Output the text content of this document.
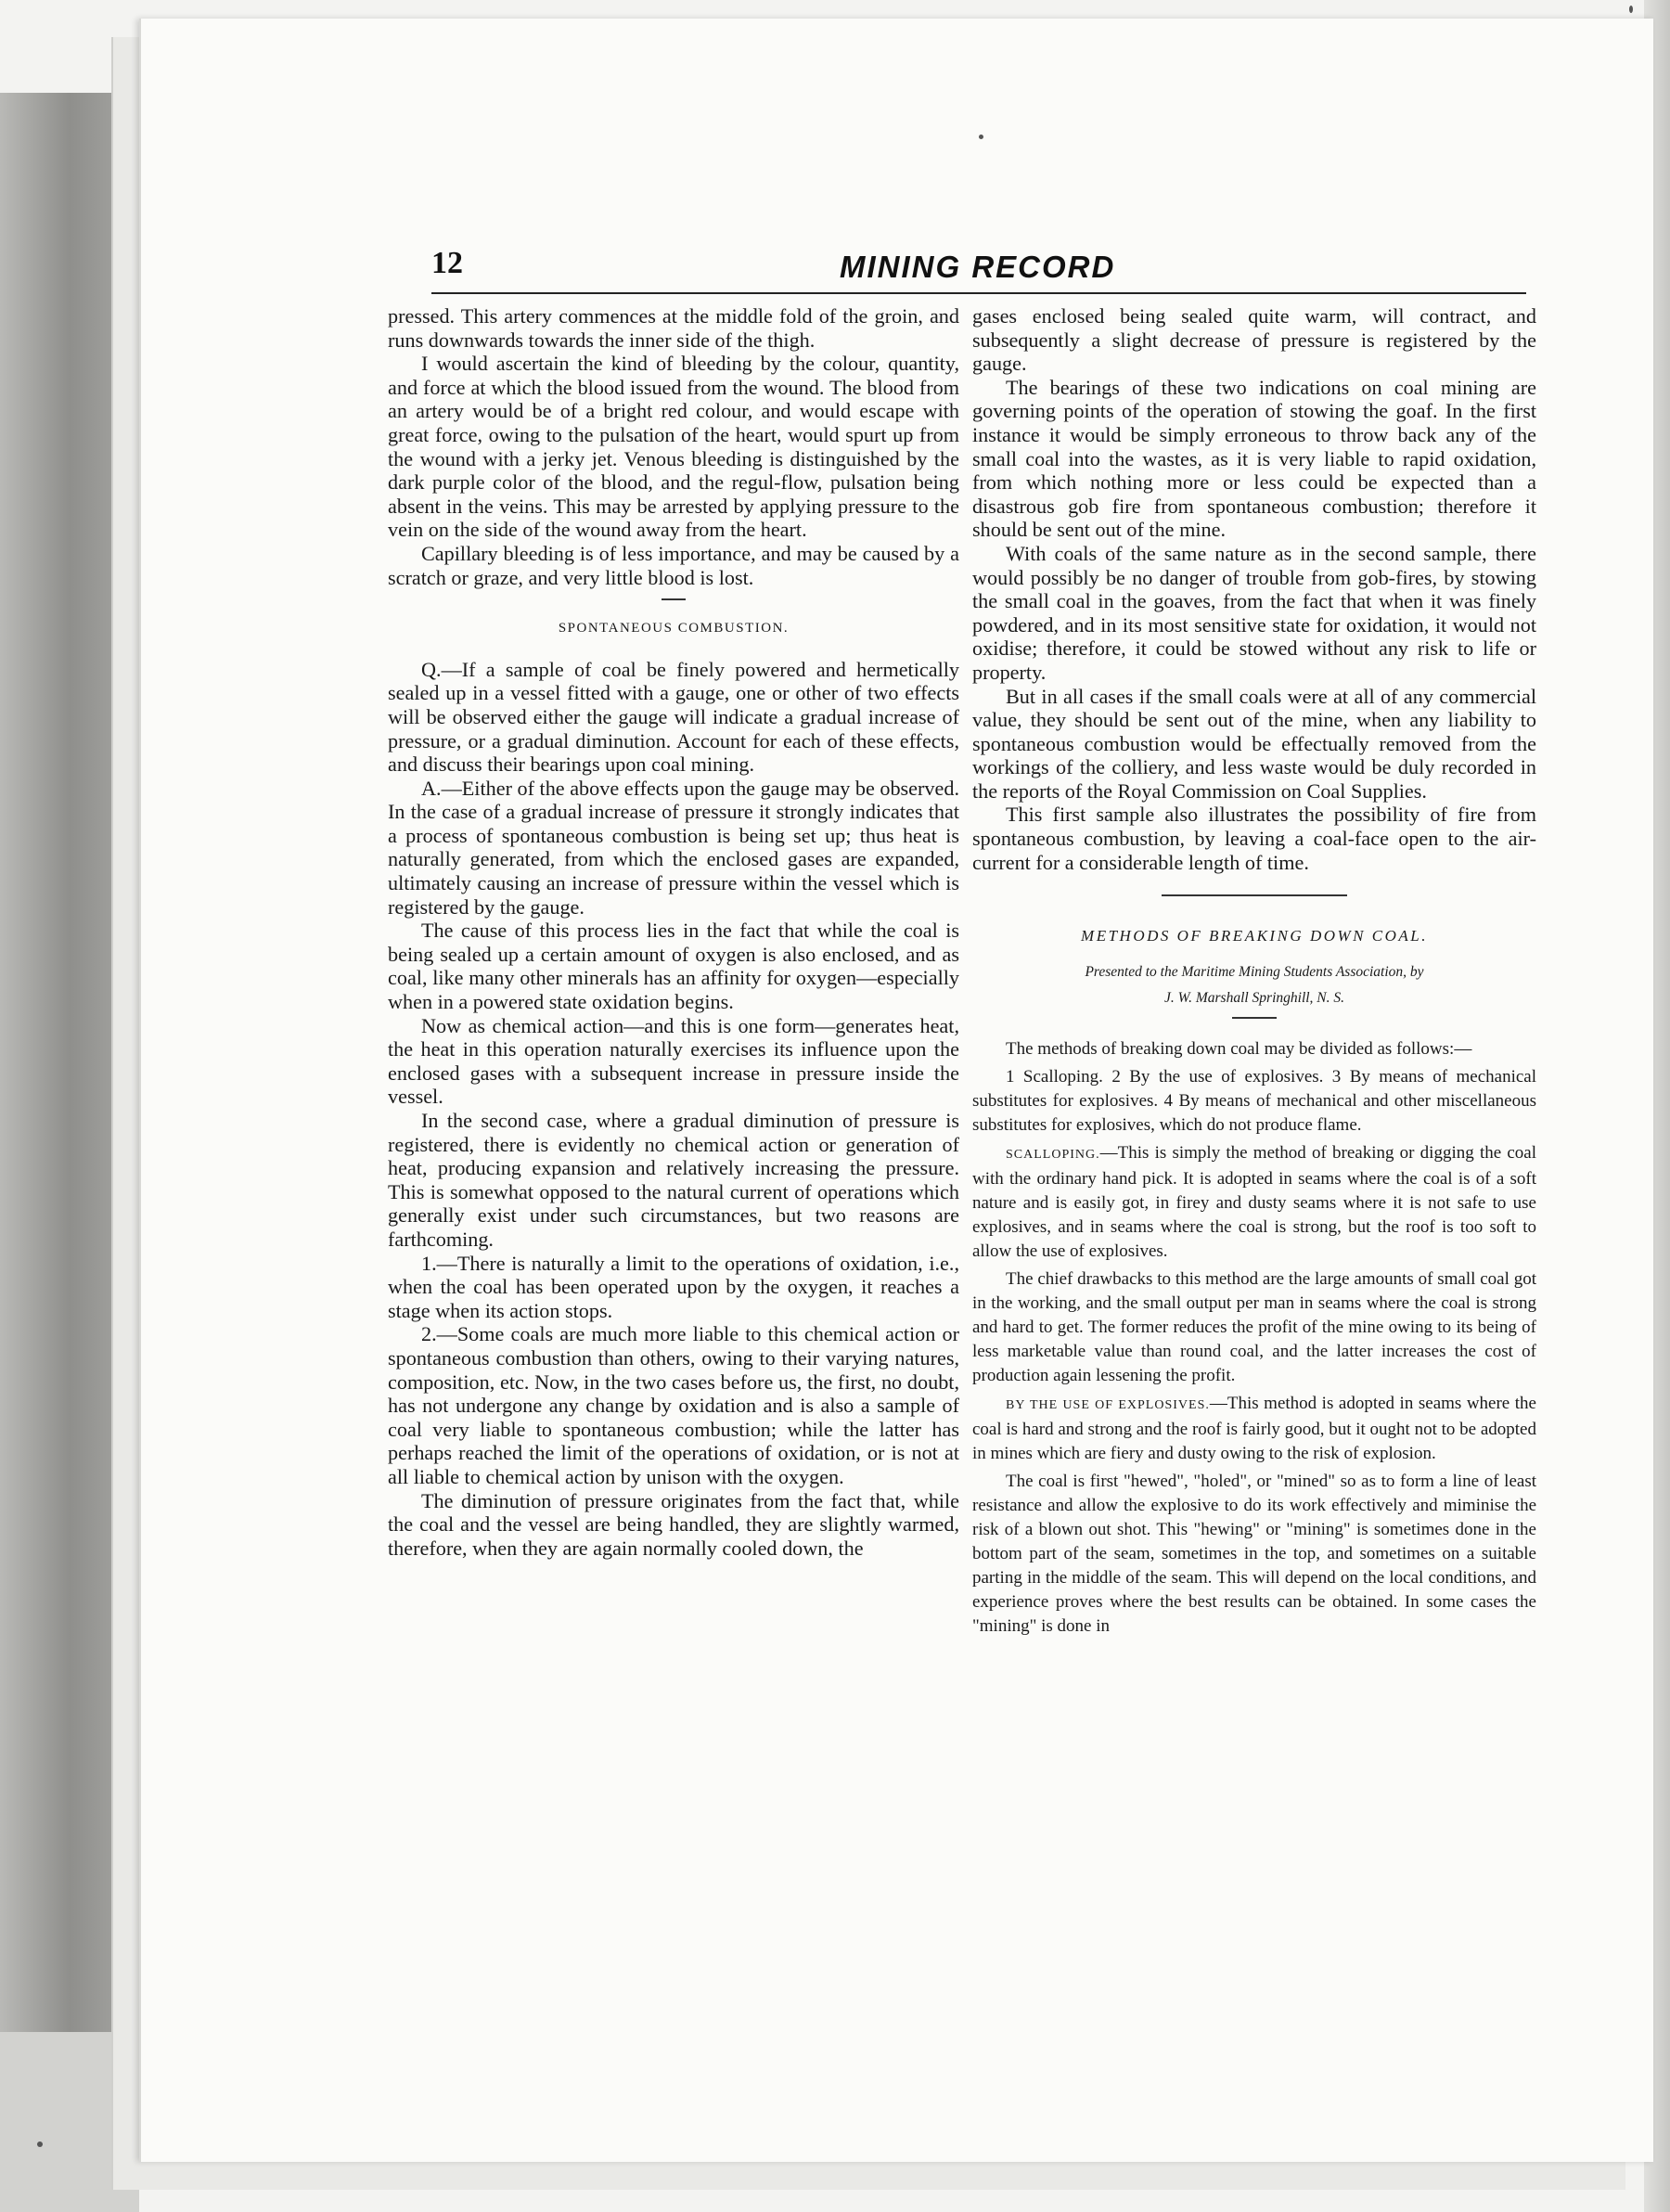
12	MINING RECORD

pressed. This artery commences at the middle fold of the groin, and runs downwards towards the inner side of the thigh.

I would ascertain the kind of bleeding by the colour, quantity, and force at which the blood issued from the wound. The blood from an artery would be of a bright red colour, and would escape with great force, owing to the pulsation of the heart, would spurt up from the wound with a jerky jet. Venous bleeding is distinguished by the dark purple color of the blood, and the regul-flow, pulsation being absent in the veins. This may be arrested by applying pressure to the vein on the side of the wound away from the heart.

Capillary bleeding is of less importance, and may be caused by a scratch or graze, and very little blood is lost.

SPONTANEOUS COMBUSTION.

Q.—If a sample of coal be finely powered and hermetically sealed up in a vessel fitted with a gauge, one or other of two effects will be observed either the gauge will indicate a gradual increase of pressure, or a gradual diminution. Account for each of these effects, and discuss their bearings upon coal mining.

A.—Either of the above effects upon the gauge may be observed. In the case of a gradual increase of pressure it strongly indicates that a process of spontaneous combustion is being set up; thus heat is naturally generated, from which the enclosed gases are expanded, ultimately causing an increase of pressure within the vessel which is registered by the gauge.

The cause of this process lies in the fact that while the coal is being sealed up a certain amount of oxygen is also enclosed, and as coal, like many other minerals has an affinity for oxygen—especially when in a powered state oxidation begins.

Now as chemical action—and this is one form—generates heat, the heat in this operation naturally exercises its influence upon the enclosed gases with a subsequent increase in pressure inside the vessel.

In the second case, where a gradual diminution of pressure is registered, there is evidently no chemical action or generation of heat, producing expansion and relatively increasing the pressure. This is somewhat opposed to the natural current of operations which generally exist under such circumstances, but two reasons are farthcoming.

1.—There is naturally a limit to the operations of oxidation, i.e., when the coal has been operated upon by the oxygen, it reaches a stage when its action stops.

2.—Some coals are much more liable to this chemical action or spontaneous combustion than others, owing to their varying natures, composition, etc. Now, in the two cases before us, the first, no doubt, has not undergone any change by oxidation and is also a sample of coal very liable to spontaneous combustion; while the latter has perhaps reached the limit of the operations of oxidation, or is not at all liable to chemical action by unison with the oxygen.

The diminution of pressure originates from the fact that, while the coal and the vessel are being handled, they are slightly warmed, therefore, when they are again normally cooled down, the

gases enclosed being sealed quite warm, will contract, and subsequently a slight decrease of pressure is registered by the gauge.

The bearings of these two indications on coal mining are governing points of the operation of stowing the goaf. In the first instance it would be simply erroneous to throw back any of the small coal into the wastes, as it is very liable to rapid oxidation, from which nothing more or less could be expected than a disastrous gob fire from spontaneous combustion; therefore it should be sent out of the mine.

With coals of the same nature as in the second sample, there would possibly be no danger of trouble from gob-fires, by stowing the small coal in the goaves, from the fact that when it was finely powdered, and in its most sensitive state for oxidation, it would not oxidise; therefore, it could be stowed without any risk to life or property.

But in all cases if the small coals were at all of any commercial value, they should be sent out of the mine, when any liability to spontaneous combustion would be effectually removed from the workings of the colliery, and less waste would be duly recorded in the reports of the Royal Commission on Coal Supplies.

This first sample also illustrates the possibility of fire from spontaneous combustion, by leaving a coal-face open to the air-current for a considerable length of time.

METHODS OF BREAKING DOWN COAL.
Presented to the Maritime Mining Students Association, by
J. W. Marshall Springhill, N. S.

The methods of breaking down coal may be divided as follows:—

1 Scalloping. 2 By the use of explosives. 3 By means of mechanical substitutes for explosives. 4 By means of mechanical and other miscellaneous substitutes for explosives, which do not produce flame.

SCALLOPING.—This is simply the method of breaking or digging the coal with the ordinary hand pick. It is adopted in seams where the coal is of a soft nature and is easily got, in firey and dusty seams where it is not safe to use explosives, and in seams where the coal is strong, but the roof is too soft to allow the use of explosives.

The chief drawbacks to this method are the large amounts of small coal got in the working, and the small output per man in seams where the coal is strong and hard to get. The former reduces the profit of the mine owing to its being of less marketable value than round coal, and the latter increases the cost of production again lessening the profit.

BY THE USE OF EXPLOSIVES.—This method is adopted in seams where the coal is hard and strong and the roof is fairly good, but it ought not to be adopted in mines which are fiery and dusty owing to the risk of explosion.

The coal is first "hewed", "holed", or "mined" so as to form a line of least resistance and allow the explosive to do its work effectively and miminise the risk of a blown out shot. This "hewing" or "mining" is sometimes done in the bottom part of the seam, sometimes in the top, and sometimes on a suitable parting in the middle of the seam. This will depend on the local conditions, and experience proves where the best results can be obtained. In some cases the "mining" is done in
